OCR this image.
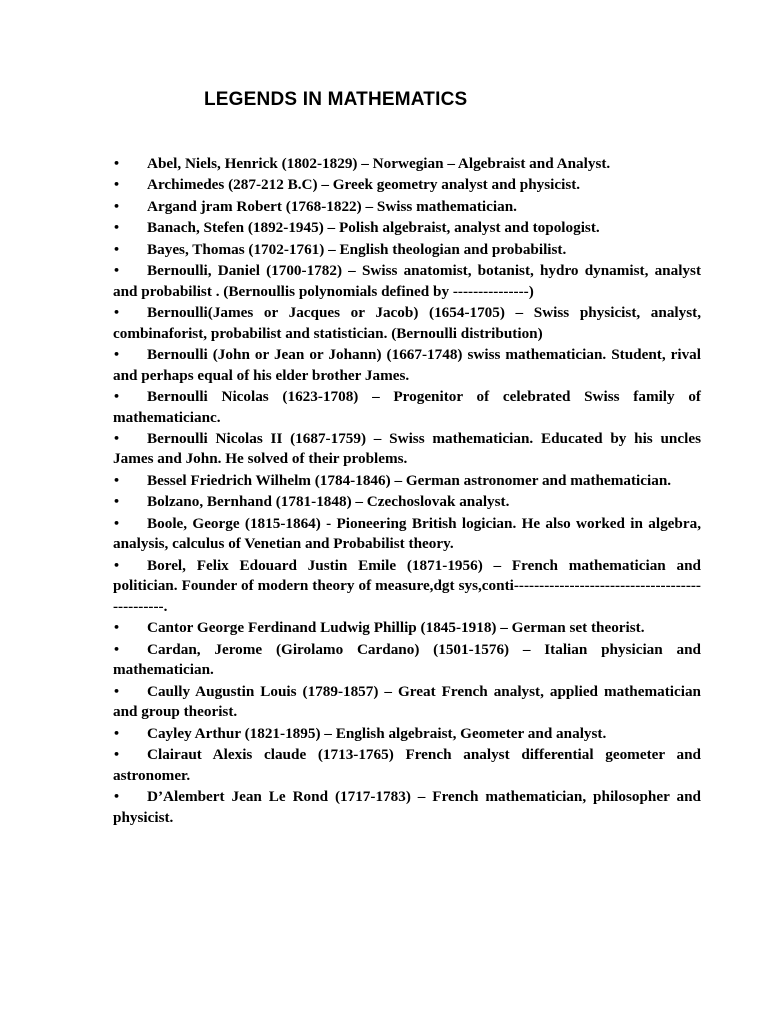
LEGENDS IN MATHEMATICS
• Abel, Niels, Henrick (1802-1829) – Norwegian – Algebraist and Analyst.
• Archimedes (287-212 B.C) – Greek geometry analyst and physicist.
• Argand jram Robert (1768-1822) – Swiss mathematician.
• Banach, Stefen (1892-1945) – Polish algebraist, analyst and topologist.
• Bayes, Thomas (1702-1761) – English theologian and probabilist.
• Bernoulli, Daniel (1700-1782) – Swiss anatomist, botanist, hydro dynamist, analyst and probabilist . (Bernoullis polynomials defined by ---------------)
• Bernoulli(James or Jacques or Jacob) (1654-1705) – Swiss physicist, analyst, combinaforist, probabilist and statistician. (Bernoulli distribution)
• Bernoulli (John or Jean or Johann) (1667-1748) swiss mathematician. Student, rival and perhaps equal of his elder brother James.
• Bernoulli Nicolas (1623-1708) – Progenitor of celebrated Swiss family of mathematicianc.
• Bernoulli Nicolas II (1687-1759) – Swiss mathematician. Educated by his uncles James and John. He solved of their problems.
• Bessel Friedrich Wilhelm (1784-1846) – German astronomer and mathematician.
• Bolzano, Bernhand (1781-1848) – Czechoslovak analyst.
• Boole, George (1815-1864) - Pioneering British logician. He also worked in algebra, analysis, calculus of Venetian and Probabilist theory.
• Borel, Felix Edouard Justin Emile (1871-1956) – French mathematician and politician. Founder of modern theory of measure,dgt sys,conti-----------------------------------------------.
• Cantor George Ferdinand Ludwig Phillip (1845-1918) – German set theorist.
• Cardan, Jerome (Girolamo Cardano) (1501-1576) – Italian physician and mathematician.
• Caully Augustin Louis (1789-1857) – Great French analyst, applied mathematician and group theorist.
• Cayley Arthur (1821-1895) – English algebraist, Geometer and analyst.
• Clairaut Alexis claude (1713-1765) French analyst differential geometer and astronomer.
• D’Alembert Jean Le Rond (1717-1783) – French mathematician, philosopher and physicist.
